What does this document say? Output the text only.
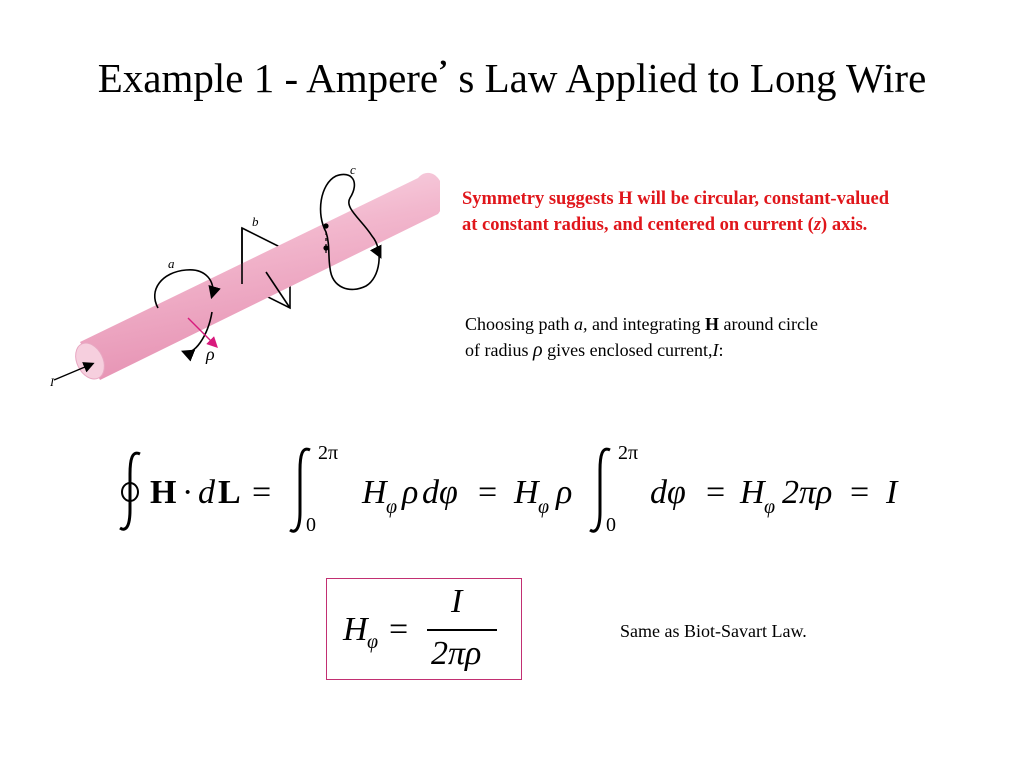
Example 1 - Ampere’ s Law Applied to Long Wire
a
b
c
ρ
I
Symmetry suggests H will be circular, constant-valued
at constant radius, and centered on current (z) axis.
Choosing path a, and integrating H around circle
of radius ρ gives enclosed current,I:
H · d L =
2π
0
H φ ρ dφ = H φ ρ
2π
0
dφ = H φ 2πρ = I
H φ =
I
2πρ
Same as Biot-Savart Law.
